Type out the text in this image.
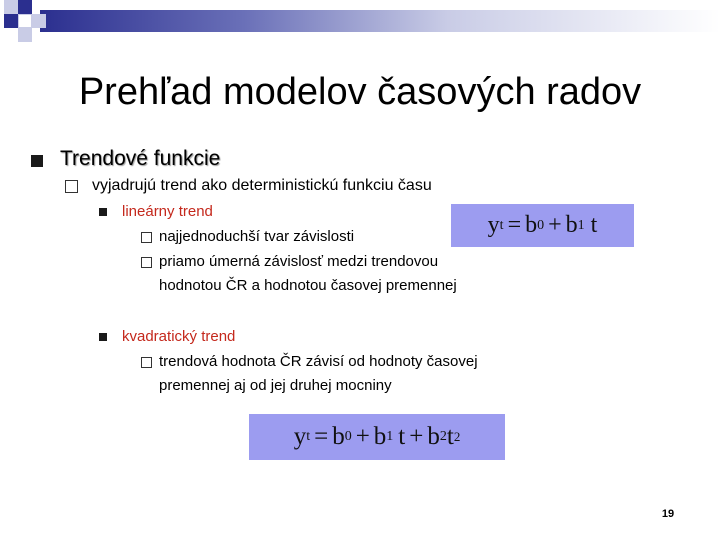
Prehľad modelov časových radov
Trendové funkcie
vyjadrujú trend ako deterministickú funkciu času
lineárny trend
najjednoduchší tvar závislosti
priamo úmerná závislosť medzi trendovou
hodnotou ČR a hodnotou časovej premennej
y t = b 0 + b 1 t
kvadratický trend
trendová hodnota ČR závisí od hodnoty časovej
premennej aj od jej druhej mocniny
y t = b 0 + b 1 t + b 2 t 2
19
